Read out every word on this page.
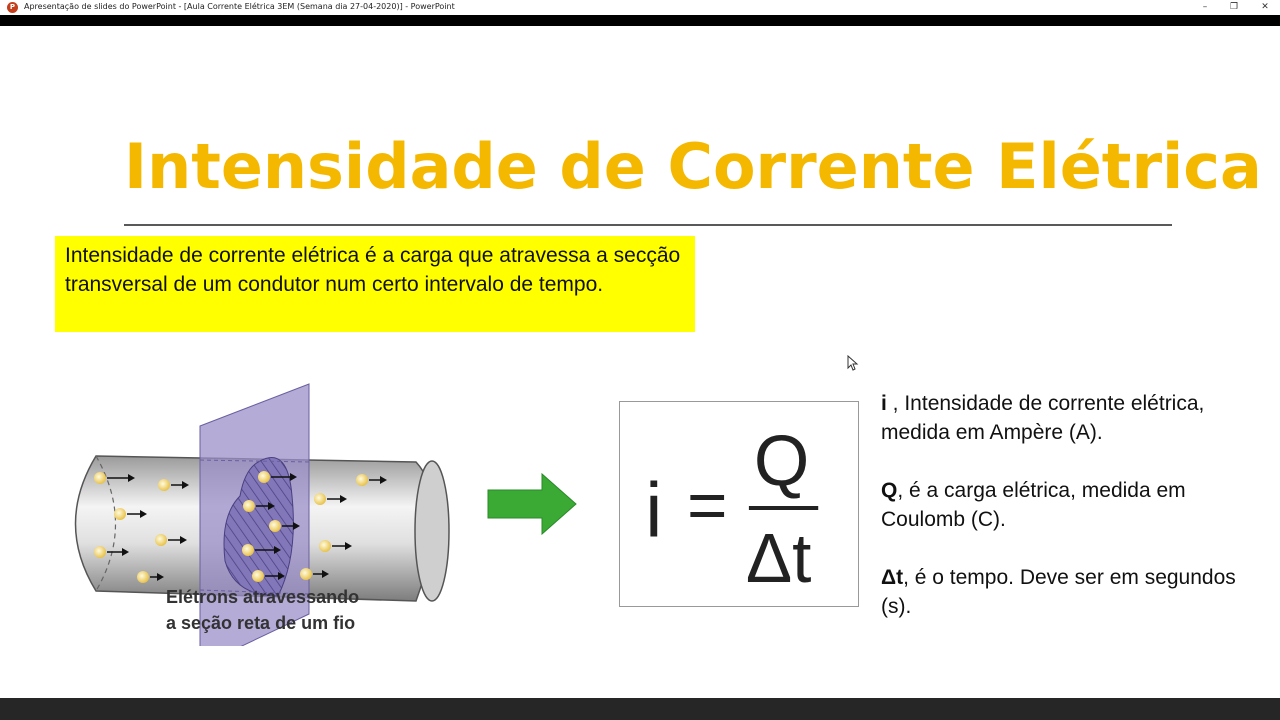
P	Apresentação de slides do PowerPoint - [Aula Corrente Elétrica 3EM (Semana dia 27-04-2020)] - PowerPoint	–	❐	✕
Intensidade de Corrente Elétrica
Intensidade de corrente elétrica é a carga que atravessa a secção transversal de um condutor num certo intervalo de tempo.
Elétrons atravessando
a seção reta de um fio
i =
Q
Δt

i , Intensidade de corrente elétrica, medida em Ampère (A).

Q, é a carga elétrica, medida em Coulomb (C).

Δt, é o tempo. Deve ser em segundos (s).
